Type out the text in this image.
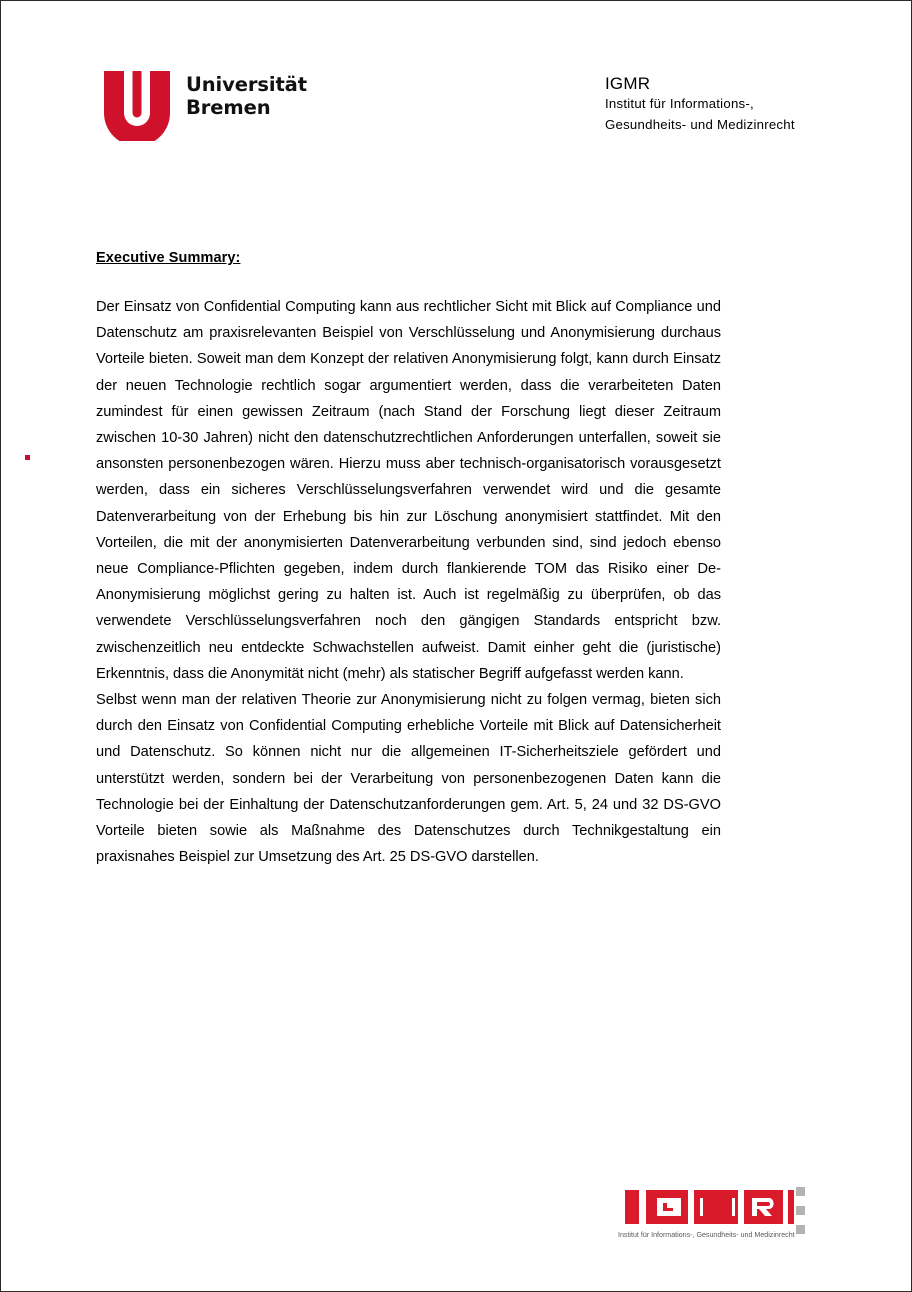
Universität
Bremen
IGMR
Institut für Informations-,
Gesundheits- und Medizinrecht
Executive Summary:

Der Einsatz von Confidential Computing kann aus rechtlicher Sicht mit Blick auf Compliance und Datenschutz am praxisrelevanten Beispiel von Verschlüsselung und Anonymisierung durchaus Vorteile bieten. Soweit man dem Konzept der relativen Anonymisierung folgt, kann durch Einsatz der neuen Technologie rechtlich sogar argumentiert werden, dass die verarbeiteten Daten zumindest für einen gewissen Zeitraum (nach Stand der Forschung liegt dieser Zeitraum zwischen 10-30 Jahren) nicht den datenschutzrechtlichen Anforderungen unterfallen, soweit sie ansonsten personenbezogen wären. Hierzu muss aber technisch-organisatorisch vorausgesetzt werden, dass ein sicheres Verschlüsselungsverfahren verwendet wird und die gesamte Datenverarbeitung von der Erhebung bis hin zur Löschung anonymisiert stattfindet. Mit den Vorteilen, die mit der anonymisierten Datenverarbeitung verbunden sind, sind jedoch ebenso neue Compliance-Pflichten gegeben, indem durch flankierende TOM das Risiko einer De-Anonymisierung möglichst gering zu halten ist. Auch ist regelmäßig zu überprüfen, ob das verwendete Verschlüsselungsverfahren noch den gängigen Standards entspricht bzw. zwischenzeitlich neu entdeckte Schwachstellen aufweist. Damit einher geht die (juristische) Erkenntnis, dass die Anonymität nicht (mehr) als statischer Begriff aufgefasst werden kann.

Selbst wenn man der relativen Theorie zur Anonymisierung nicht zu folgen vermag, bieten sich durch den Einsatz von Confidential Computing erhebliche Vorteile mit Blick auf Datensicherheit und Datenschutz. So können nicht nur die allgemeinen IT-Sicherheitsziele gefördert und unterstützt werden, sondern bei der Verarbeitung von personenbezogenen Daten kann die Technologie bei der Einhaltung der Datenschutzanforderungen gem. Art. 5, 24 und 32 DS-GVO Vorteile bieten sowie als Maßnahme des Datenschutzes durch Technikgestaltung ein praxisnahes Beispiel zur Umsetzung des Art. 25 DS-GVO darstellen.

Institut für Informations-, Gesundheits- und Medizinrecht
